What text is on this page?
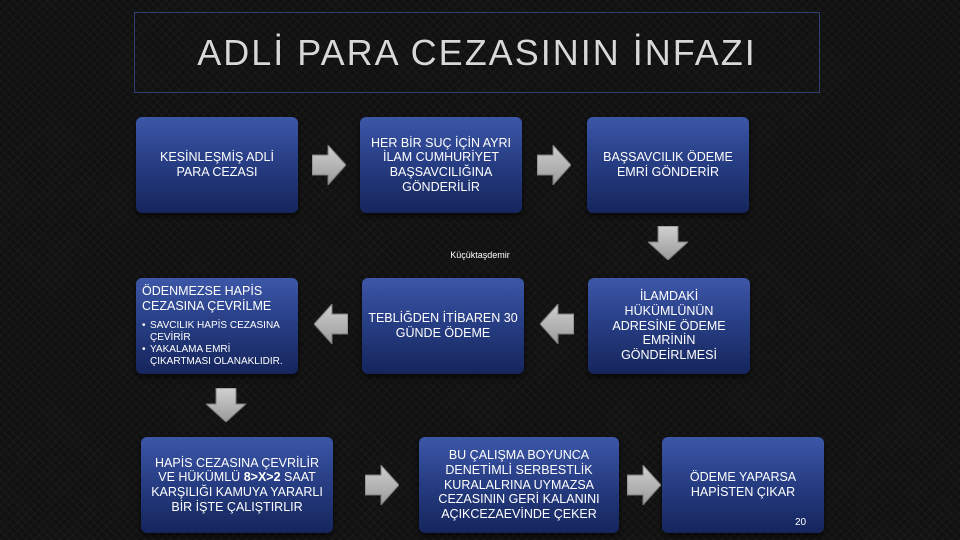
ADLİ PARA CEZASININ İNFAZI
KESİNLEŞMİŞ ADLİ PARA CEZASI
HER BİR SUÇ İÇİN AYRI İLAM CUMHURİYET BAŞSAVCILIĞINA GÖNDERİLİR
BAŞSAVCILIK ÖDEME EMRİ GÖNDERİR
ÖDENMEZSE HAPİS CEZASINA ÇEVRİLME
• SAVCILIK HAPİS CEZASINA ÇEVİRİR
• YAKALAMA EMRİ ÇIKARTMASI OLANAKLIDIR.
TEBLİĞDEN İTİBAREN 30 GÜNDE ÖDEME
İLAMDAKİ HÜKÜMLÜNÜN ADRESİNE ÖDEME EMRİNİN GÖNDEİRLMESİ
HAPİS CEZASINA ÇEVRİLİR VE HÜKÜMLÜ 8>X>2 SAAT KARŞILIĞI KAMUYA YARARLI BİR İŞTE ÇALIŞTIRLIR
BU ÇALIŞMA BOYUNCA DENETİMLİ SERBESTLİK KURALALRINA UYMAZSA CEZASININ GERİ KALANINI AÇIKCEZAEVİNDE ÇEKER
ÖDEME YAPARSA HAPİSTEN ÇIKAR
Küçüktaşdemir
20
